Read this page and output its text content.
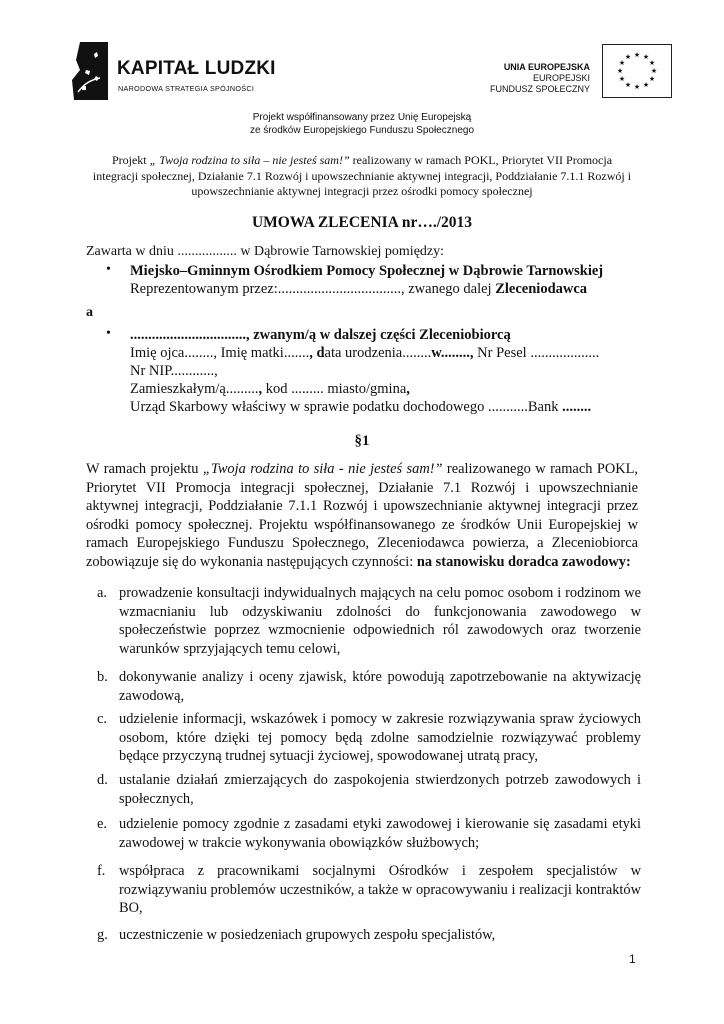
KAPITAŁ LUDZKI
NARODOWA STRATEGIA SPÓJNOŚCI
UNIA EUROPEJSKA
EUROPEJSKI
FUNDUSZ SPOŁECZNY
★ ★
★
★
★
★
★
★
★
★
★
★
Projekt współfinansowany przez Unię Europejską
ze środków Europejskiego Funduszu Społecznego
Projekt „ Twoja rodzina to siła – nie jesteś sam!” realizowany w ramach POKL, Priorytet VII Promocja integracji społecznej, Działanie 7.1 Rozwój i upowszechnianie aktywnej integracji, Poddziałanie 7.1.1 Rozwój i upowszechnianie aktywnej integracji przez ośrodki pomocy społecznej
UMOWA ZLECENIA nr…./2013
Zawarta w dniu ................. w Dąbrowie Tarnowskiej pomiędzy:
• Miejsko–Gminnym Ośrodkiem Pomocy Społecznej w Dąbrowie Tarnowskiej
Reprezentowanym przez:.................................., zwanego dalej Zleceniodawca
a
• ................................, zwanym/ą w dalszej części Zleceniobiorcą
Imię ojca........, Imię matki......., data urodzenia........w........, Nr Pesel ...................
Nr NIP............,
Zamieszkałym/ą........., kod ......... miasto/gmina,
Urząd Skarbowy właściwy w sprawie podatku dochodowego ...........Bank ........
§1
W ramach projektu „Twoja rodzina to siła - nie jesteś sam!” realizowanego w ramach POKL, Priorytet VII Promocja integracji społecznej, Działanie 7.1 Rozwój i upowszechnianie aktywnej integracji, Poddziałanie 7.1.1 Rozwój i upowszechnianie aktywnej integracji przez ośrodki pomocy społecznej. Projektu współfinansowanego ze środków Unii Europejskiej w ramach Europejskiego Funduszu Społecznego, Zleceniodawca powierza, a Zleceniobiorca zobowiązuje się do wykonania następujących czynności: na stanowisku doradca zawodowy:
a. prowadzenie konsultacji indywidualnych mających na celu pomoc osobom i rodzinom we wzmacnianiu lub odzyskiwaniu zdolności do funkcjonowania zawodowego w społeczeństwie poprzez wzmocnienie odpowiednich ról zawodowych oraz tworzenie warunków sprzyjających temu celowi,
b. dokonywanie analizy i oceny zjawisk, które powodują zapotrzebowanie na aktywizację zawodową,
c. udzielenie informacji, wskazówek i pomocy w zakresie rozwiązywania spraw życiowych osobom, które dzięki tej pomocy będą zdolne samodzielnie rozwiązywać problemy będące przyczyną trudnej sytuacji życiowej, spowodowanej utratą pracy,
d. ustalanie działań zmierzających do zaspokojenia stwierdzonych potrzeb zawodowych i społecznych,
e. udzielenie pomocy zgodnie z zasadami etyki zawodowej i kierowanie się zasadami etyki zawodowej w trakcie wykonywania obowiązków służbowych;
f. współpraca z pracownikami socjalnymi Ośrodków i zespołem specjalistów w rozwiązywaniu problemów uczestników, a także w opracowywaniu i realizacji kontraktów BO,
g. uczestniczenie w posiedzeniach grupowych zespołu specjalistów,
1
